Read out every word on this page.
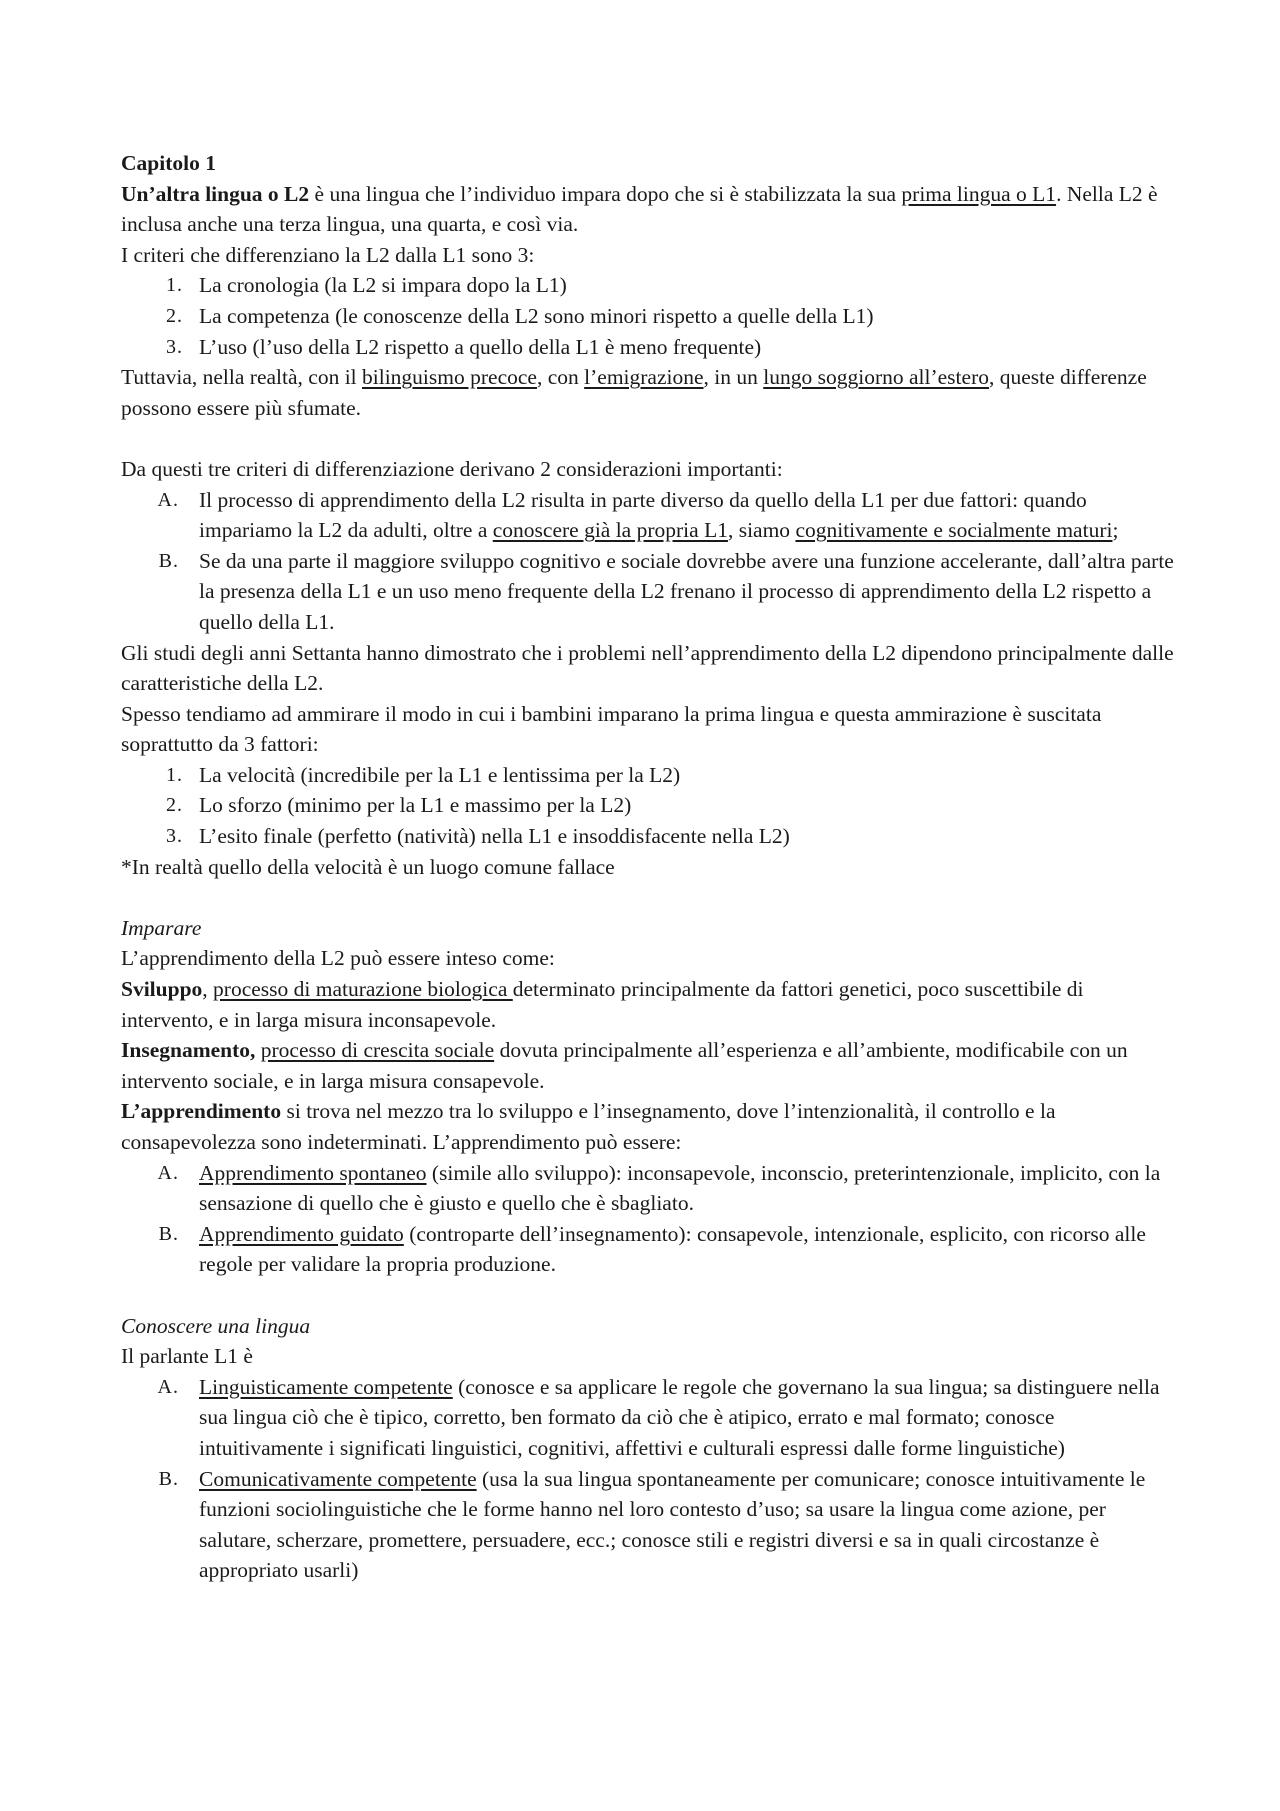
Capitolo 1

Un’altra lingua o L2 è una lingua che l’individuo impara dopo che si è stabilizzata la sua prima lingua o L1. Nella L2 è inclusa anche una terza lingua, una quarta, e così via.

I criteri che differenziano la L2 dalla L1 sono 3:

1. La cronologia (la L2 si impara dopo la L1)
2. La competenza (le conoscenze della L2 sono minori rispetto a quelle della L1)
3. L’uso (l’uso della L2 rispetto a quello della L1 è meno frequente)

Tuttavia, nella realtà, con il bilinguismo precoce, con l’emigrazione, in un lungo soggiorno all’estero, queste differenze possono essere più sfumate.

Da questi tre criteri di differenziazione derivano 2 considerazioni importanti:

A. Il processo di apprendimento della L2 risulta in parte diverso da quello della L1 per due fattori: quando impariamo la L2 da adulti, oltre a conoscere già la propria L1, siamo cognitivamente e socialmente maturi;
B. Se da una parte il maggiore sviluppo cognitivo e sociale dovrebbe avere una funzione accelerante, dall’altra parte la presenza della L1 e un uso meno frequente della L2 frenano il processo di apprendimento della L2 rispetto a quello della L1.

Gli studi degli anni Settanta hanno dimostrato che i problemi nell’apprendimento della L2 dipendono principalmente dalle caratteristiche della L2.

Spesso tendiamo ad ammirare il modo in cui i bambini imparano la prima lingua e questa ammirazione è suscitata soprattutto da 3 fattori:

1. La velocità (incredibile per la L1 e lentissima per la L2)
2. Lo sforzo (minimo per la L1 e massimo per la L2)
3. L’esito finale (perfetto (natività) nella L1 e insoddisfacente nella L2)

*In realtà quello della velocità è un luogo comune fallace

Imparare

L’apprendimento della L2 può essere inteso come:

Sviluppo, processo di maturazione biologica determinato principalmente da fattori genetici, poco suscettibile di intervento, e in larga misura inconsapevole.

Insegnamento, processo di crescita sociale dovuta principalmente all’esperienza e all’ambiente, modificabile con un intervento sociale, e in larga misura consapevole.

L’apprendimento si trova nel mezzo tra lo sviluppo e l’insegnamento, dove l’intenzionalità, il controllo e la consapevolezza sono indeterminati. L’apprendimento può essere:

A. Apprendimento spontaneo (simile allo sviluppo): inconsapevole, inconscio, preterintenzionale, implicito, con la sensazione di quello che è giusto e quello che è sbagliato.
B. Apprendimento guidato (controparte dell’insegnamento): consapevole, intenzionale, esplicito, con ricorso alle regole per validare la propria produzione.

Conoscere una lingua

Il parlante L1 è

A. Linguisticamente competente (conosce e sa applicare le regole che governano la sua lingua; sa distinguere nella sua lingua ciò che è tipico, corretto, ben formato da ciò che è atipico, errato e mal formato; conosce intuitivamente i significati linguistici, cognitivi, affettivi e culturali espressi dalle forme linguistiche)
B. Comunicativamente competente (usa la sua lingua spontaneamente per comunicare; conosce intuitivamente le funzioni sociolinguistiche che le forme hanno nel loro contesto d’uso; sa usare la lingua come azione, per salutare, scherzare, promettere, persuadere, ecc.; conosce stili e registri diversi e sa in quali circostanze è appropriato usarli)
